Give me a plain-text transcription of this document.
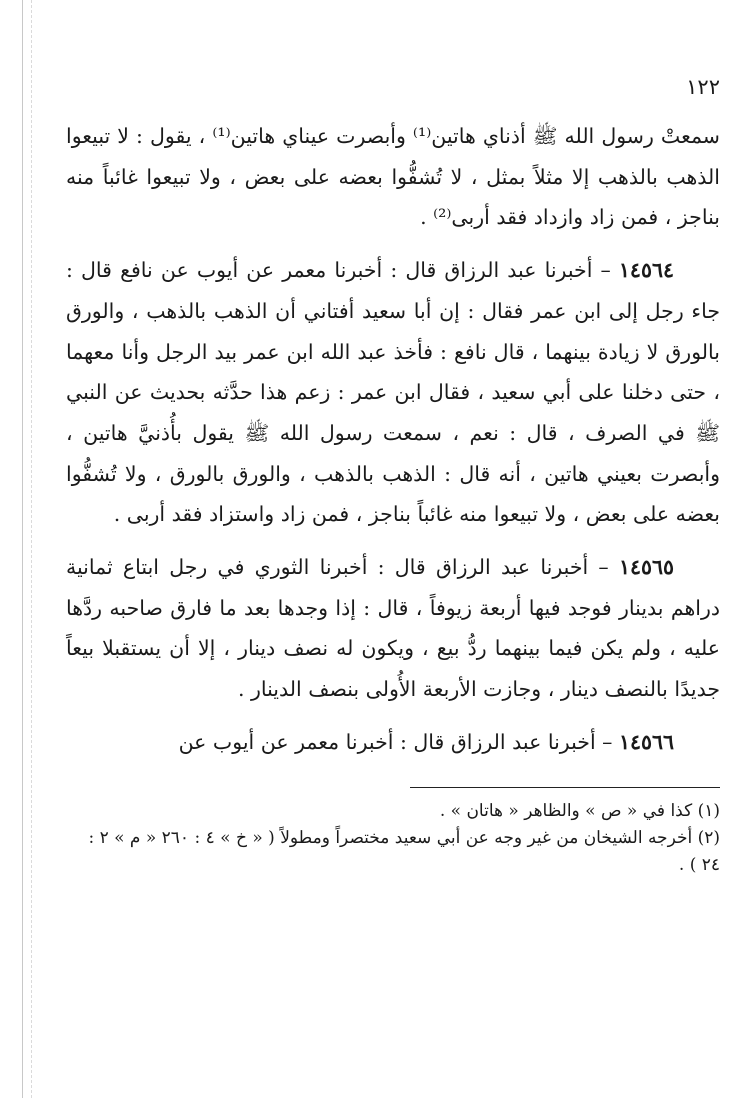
١٢٢

سمعتْ رسول الله ﷺ أذناي هاتين⁽¹⁾ وأبصرت عيناي هاتين⁽¹⁾ ، يقول : لا تبيعوا الذهب بالذهب إلا مثلاً بمثل ، لا تُشفُّوا بعضه على بعض ، ولا تبيعوا غائباً منه بناجز ، فمن زاد وازداد فقد أربى⁽²⁾ .

١٤٥٦٤ – أخبرنا عبد الرزاق قال : أخبرنا معمر عن أيوب عن نافع قال : جاء رجل إلى ابن عمر فقال : إن أبا سعيد أفتاني أن الذهب بالذهب ، والورق بالورق لا زيادة بينهما ، قال نافع : فأخذ عبد الله ابن عمر بيد الرجل وأنا معهما ، حتى دخلنا على أبي سعيد ، فقال ابن عمر : زعم هذا حدَّثه بحديث عن النبي ﷺ في الصرف ، قال : نعم ، سمعت رسول الله ﷺ يقول بأُذنيَّ هاتين ، وأبصرت بعيني هاتين ، أنه قال : الذهب بالذهب ، والورق بالورق ، ولا تُشفُّوا بعضه على بعض ، ولا تبيعوا منه غائباً بناجز ، فمن زاد واستزاد فقد أربى .

١٤٥٦٥ – أخبرنا عبد الرزاق قال : أخبرنا الثوري في رجل ابتاع ثمانية دراهم بدينار فوجد فيها أربعة زيوفاً ، قال : إذا وجدها بعد ما فارق صاحبه ردَّها عليه ، ولم يكن فيما بينهما ردُّ بيع ، ويكون له نصف دينار ، إلا أن يستقبلا بيعاً جديدًا بالنصف دينار ، وجازت الأربعة الأُولى بنصف الدينار .

١٤٥٦٦ – أخبرنا عبد الرزاق قال : أخبرنا معمر عن أيوب عن

(١) كذا في « ص » والظاهر « هاتان » .

(٢) أخرجه الشيخان من غير وجه عن أبي سعيد مختصراً ومطولاً ( « خ » ٤ : ٢٦٠ « م » ٢ : ٢٤ ) .
